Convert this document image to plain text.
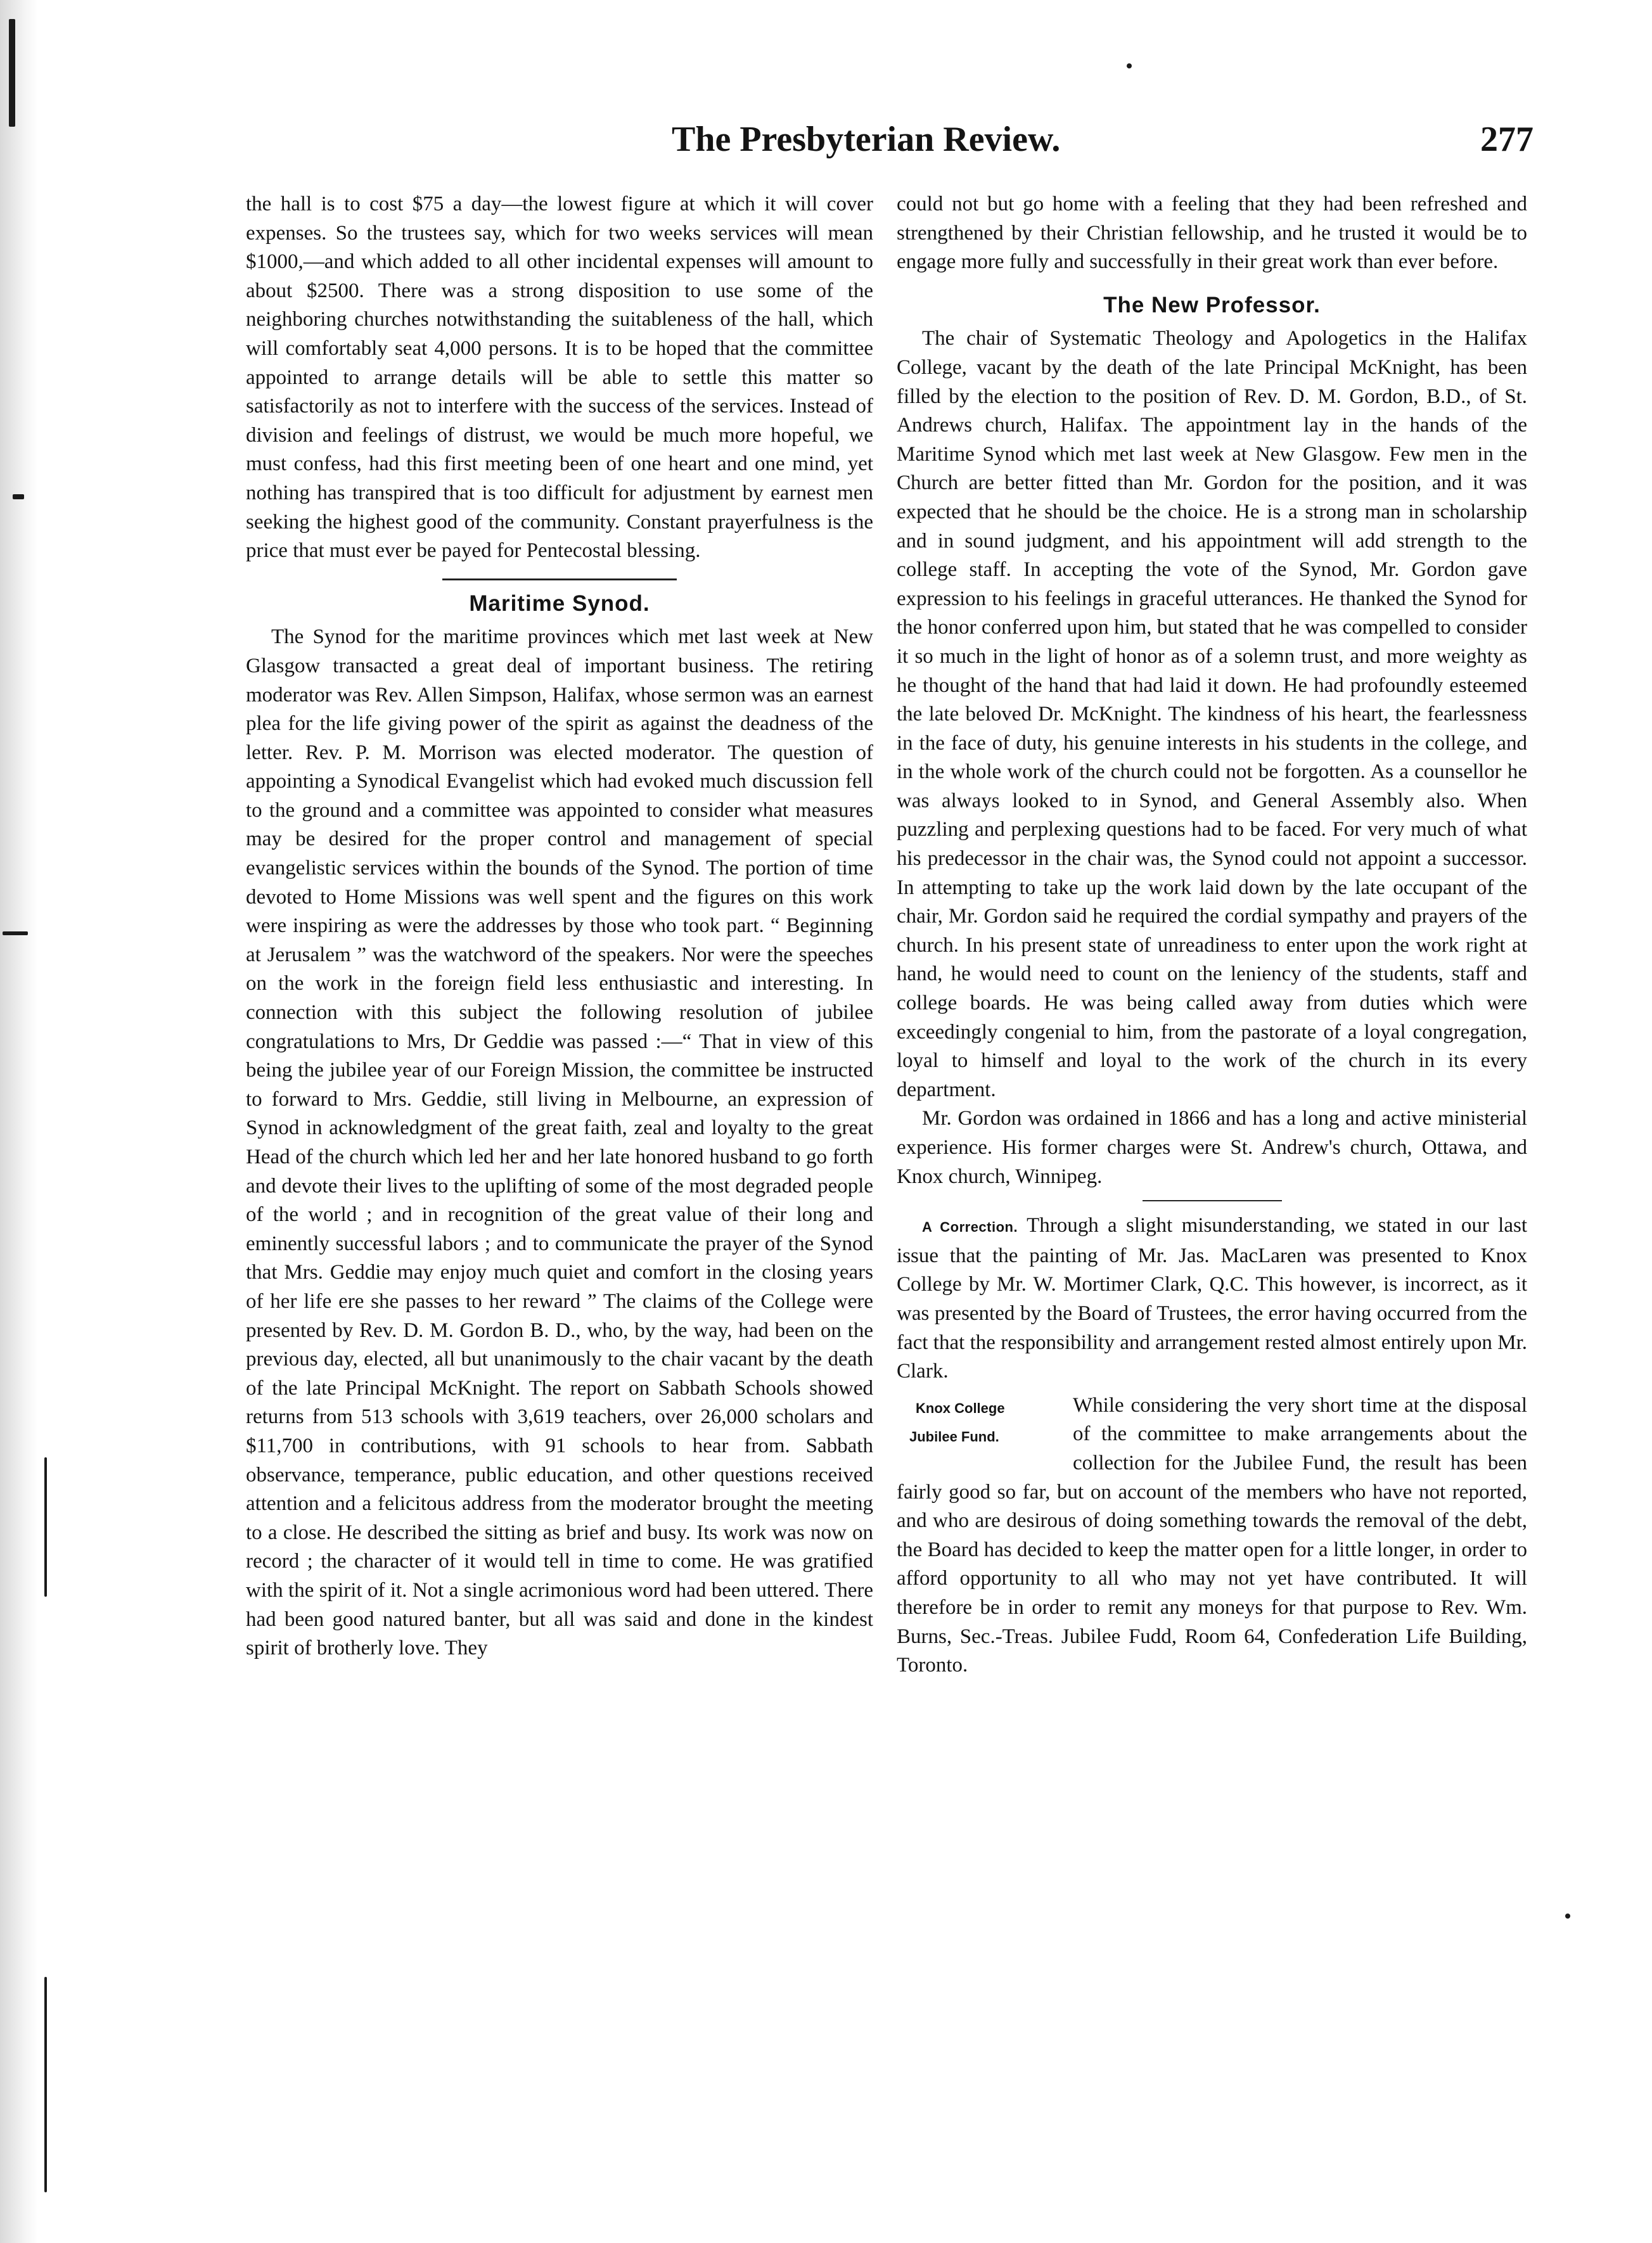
The Presbyterian Review.	277

the hall is to cost $75 a day—the lowest figure at which it will cover expenses. So the trustees say, which for two weeks services will mean $1000,—and which added to all other incidental expenses will amount to about $2500. There was a strong disposition to use some of the neighboring churches notwithstanding the suitableness of the hall, which will comfortably seat 4,000 persons. It is to be hoped that the committee appointed to arrange details will be able to settle this matter so satisfactorily as not to interfere with the success of the services. Instead of division and feelings of distrust, we would be much more hopeful, we must confess, had this first meeting been of one heart and one mind, yet nothing has transpired that is too difficult for adjustment by earnest men seeking the highest good of the community. Constant prayerfulness is the price that must ever be payed for Pentecostal blessing.

Maritime Synod.

The Synod for the maritime provinces which met last week at New Glasgow transacted a great deal of important business. The retiring moderator was Rev. Allen Simpson, Halifax, whose sermon was an earnest plea for the life giving power of the spirit as against the deadness of the letter. Rev. P. M. Morrison was elected moderator. The question of appointing a Synodical Evangelist which had evoked much discussion fell to the ground and a committee was appointed to consider what measures may be desired for the proper control and management of special evangelistic services within the bounds of the Synod. The portion of time devoted to Home Missions was well spent and the figures on this work were inspiring as were the addresses by those who took part. “ Beginning at Jerusalem ” was the watchword of the speakers. Nor were the speeches on the work in the foreign field less enthusiastic and interesting. In connection with this subject the following resolution of jubilee congratulations to Mrs, Dr Geddie was passed :—“ That in view of this being the jubilee year of our Foreign Mission, the committee be instructed to forward to Mrs. Geddie, still living in Melbourne, an expression of Synod in acknowledgment of the great faith, zeal and loyalty to the great Head of the church which led her and her late honored husband to go forth and devote their lives to the uplifting of some of the most degraded people of the world ; and in recognition of the great value of their long and eminently successful labors ; and to communicate the prayer of the Synod that Mrs. Geddie may enjoy much quiet and comfort in the closing years of her life ere she passes to her reward ” The claims of the College were presented by Rev. D. M. Gordon B. D., who, by the way, had been on the previous day, elected, all but unanimously to the chair vacant by the death of the late Principal McKnight. The report on Sabbath Schools showed returns from 513 schools with 3,619 teachers, over 26,000 scholars and $11,700 in contributions, with 91 schools to hear from. Sabbath observance, temperance, public education, and other questions received attention and a felicitous address from the moderator brought the meeting to a close. He described the sitting as brief and busy. Its work was now on record ; the character of it would tell in time to come. He was gratified with the spirit of it. Not a single acrimonious word had been uttered. There had been good natured banter, but all was said and done in the kindest spirit of brotherly love. They

could not but go home with a feeling that they had been refreshed and strengthened by their Christian fellowship, and he trusted it would be to engage more fully and successfully in their great work than ever before.

The New Professor.

The chair of Systematic Theology and Apologetics in the Halifax College, vacant by the death of the late Principal McKnight, has been filled by the election to the position of Rev. D. M. Gordon, B.D., of St. Andrews church, Halifax. The appointment lay in the hands of the Maritime Synod which met last week at New Glasgow. Few men in the Church are better fitted than Mr. Gordon for the position, and it was expected that he should be the choice. He is a strong man in scholarship and in sound judgment, and his appointment will add strength to the college staff. In accepting the vote of the Synod, Mr. Gordon gave expression to his feelings in graceful utterances. He thanked the Synod for the honor conferred upon him, but stated that he was compelled to consider it so much in the light of honor as of a solemn trust, and more weighty as he thought of the hand that had laid it down. He had profoundly esteemed the late beloved Dr. McKnight. The kindness of his heart, the fearlessness in the face of duty, his genuine interests in his students in the college, and in the whole work of the church could not be forgotten. As a counsellor he was always looked to in Synod, and General Assembly also. When puzzling and perplexing questions had to be faced. For very much of what his predecessor in the chair was, the Synod could not appoint a successor. In attempting to take up the work laid down by the late occupant of the chair, Mr. Gordon said he required the cordial sympathy and prayers of the church. In his present state of unreadiness to enter upon the work right at hand, he would need to count on the leniency of the students, staff and college boards. He was being called away from duties which were exceedingly congenial to him, from the pastorate of a loyal congregation, loyal to himself and loyal to the work of the church in its every department.

Mr. Gordon was ordained in 1866 and has a long and active ministerial experience. His former charges were St. Andrew's church, Ottawa, and Knox church, Winnipeg.

A Correction. Through a slight misunderstanding, we stated in our last issue that the painting of Mr. Jas. MacLaren was presented to Knox College by Mr. W. Mortimer Clark, Q.C. This however, is incorrect, as it was presented by the Board of Trustees, the error having occurred from the fact that the responsibility and arrangement rested almost entirely upon Mr. Clark.

Knox College
Jubilee Fund.

While considering the very short time at the disposal of the committee to make arrangements about the collection for the Jubilee Fund, the result has been fairly good so far, but on account of the members who have not reported, and who are desirous of doing something towards the removal of the debt, the Board has decided to keep the matter open for a little longer, in order to afford opportunity to all who may not yet have contributed. It will therefore be in order to remit any moneys for that purpose to Rev. Wm. Burns, Sec.-Treas. Jubilee Fudd, Room 64, Confederation Life Building, Toronto.
